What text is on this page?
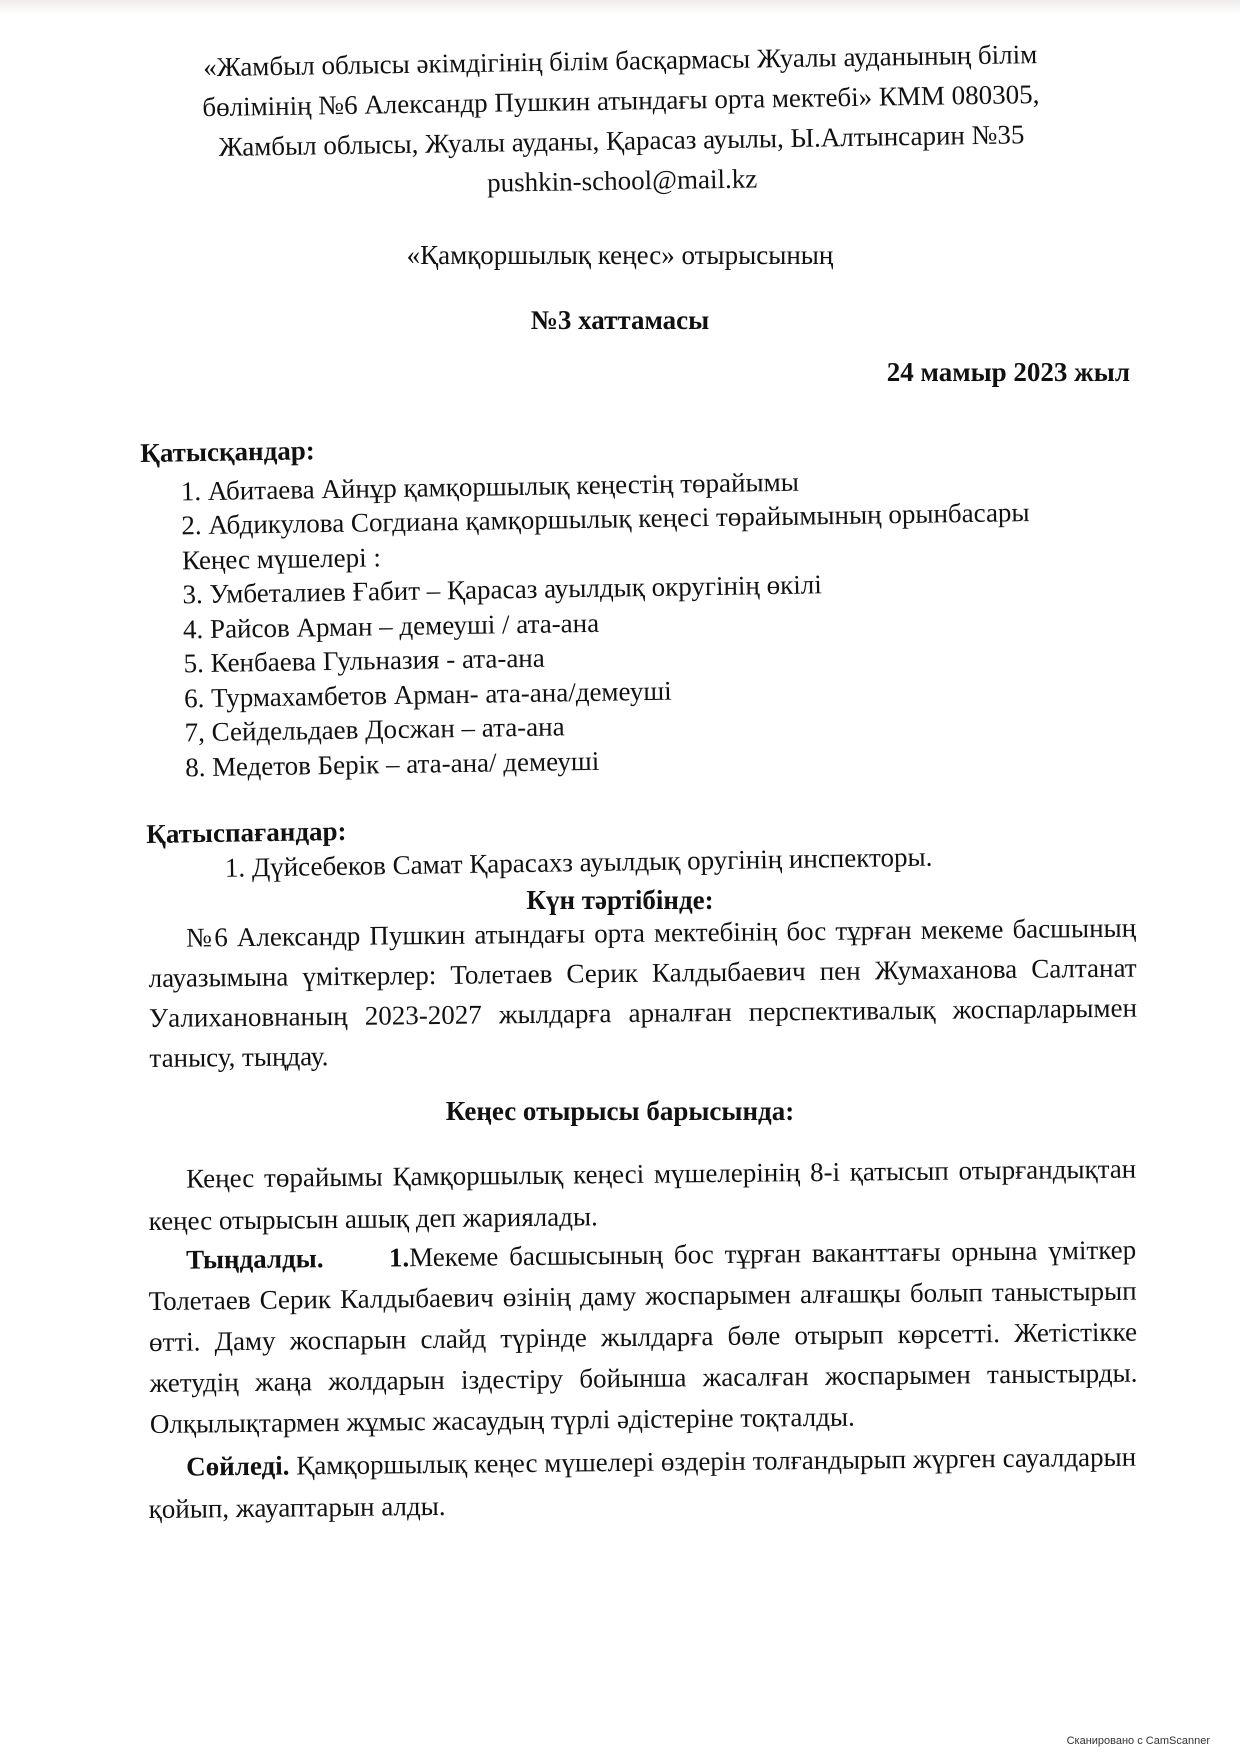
«Жамбыл облысы әкімдігінің білім басқармасы Жуалы ауданының білім
бөлімінің №6 Александр Пушкин атындағы орта мектебі» КММ 080305,
Жамбыл облысы, Жуалы ауданы, Қарасаз ауылы, Ы.Алтынсарин №35
pushkin-school@mail.kz
«Қамқоршылық кеңес» отырысының
№3 хаттамасы
24 мамыр 2023 жыл
Қатысқандар:
1. Абитаева Айнұр қамқоршылық кеңестің төрайымы
2. Абдикулова Согдиана қамқоршылық кеңесі төрайымының орынбасары
Кеңес мүшелері :
3. Умбеталиев Ғабит – Қарасаз ауылдық округінің өкілі
4. Райсов Арман – демеуші / ата-ана
5. Кенбаева Гульназия - ата-ана
6. Турмахамбетов Арман- ата-ана/демеуші
7, Сейдельдаев Досжан – ата-ана
8. Медетов Берік – ата-ана/ демеуші
Қатыспағандар:
1. Дүйсебеков Самат Қарасахз ауылдық оругінің инспекторы.
Күн тәртібінде:
№6 Александр Пушкин атындағы орта мектебінің бос тұрған мекеме басшының лауазымына үміткерлер: Толетаев Серик Калдыбаевич пен Жумаханова Салтанат Уалихановнаның 2023-2027 жылдарға арналған перспективалық жоспарларымен танысу, тыңдау.
Кеңес отырысы барысында:
Кеңес төрайымы Қамқоршылық кеңесі мүшелерінің 8-і қатысып отырғандықтан кеңес отырысын ашық деп жариялады.
Тыңдалды. 1.Мекеме басшысының бос тұрған ваканттағы орнына үміткер Толетаев Серик Калдыбаевич өзінің даму жоспарымен алғашқы болып таныстырып өтті. Даму жоспарын слайд түрінде жылдарға бөле отырып көрсетті. Жетістікке жетудің жаңа жолдарын іздестіру бойынша жасалған жоспарымен таныстырды. Олқылықтармен жұмыс жасаудың түрлі әдістеріне тоқталды.
Сөйледі. Қамқоршылық кеңес мүшелері өздерін толғандырып жүрген сауалдарын қойып, жауаптарын алды.
Сканировано с CamScanner
